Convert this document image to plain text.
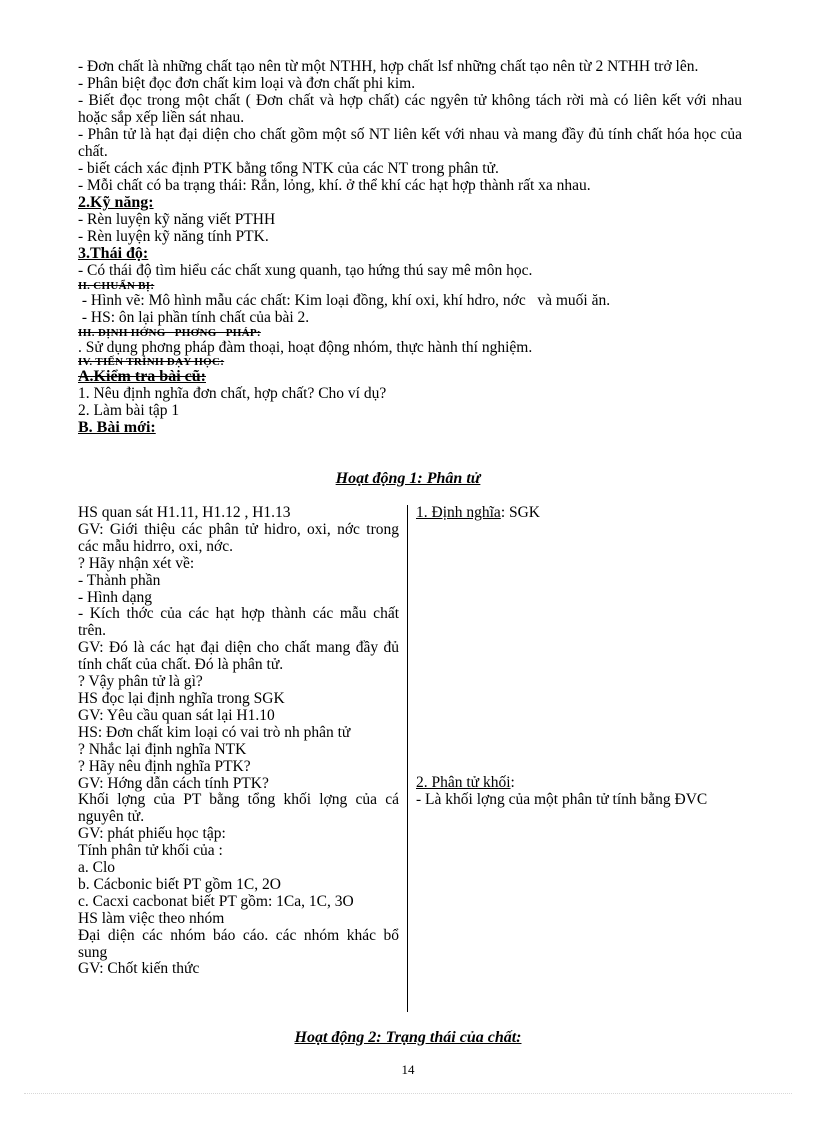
- Đơn chất là những chất tạo nên từ một NTHH, hợp chất lsf những chất tạo nên từ 2 NTHH trở lên.

- Phân biệt đọc đơn chất kim loại và đơn chất phi kim.

- Biết đọc trong một chất ( Đơn chất và hợp chất) các ngyên tử không tách rời mà có liên kết với nhau hoặc sắp xếp liền sát nhau.

- Phân tử là hạt đại diện cho chất gồm một số NT liên kết với nhau và mang đầy đủ tính chất hóa học của chất.

- biết cách xác định PTK bằng tổng NTK của các NT trong phân tử.

- Mỗi chất có ba trạng thái: Rắn, lỏng, khí. ở thể khí các hạt hợp thành rất xa nhau.

2.Kỹ năng:

- Rèn luyện kỹ năng viết PTHH

- Rèn luyện kỹ năng tính PTK.

3.Thái độ:

- Có thái độ tìm hiểu các chất xung quanh, tạo hứng thú say mê môn học.

II. CHUẨN BỊ:

- Hình vẽ: Mô hình mẫu các chất: Kim loại đồng, khí oxi, khí hdro, nớc   và muối ăn.

- HS: ôn lại phần tính chất của bài 2.

III. ĐỊNH HỚNG   PHƠNG   PHÁP:

. Sử dụng phơng pháp đàm thoại, hoạt động nhóm, thực hành thí nghiệm.

IV. TIẾN TRÌNH DẠY HỌC:

A.Kiểm tra bài cũ:

1. Nêu định nghĩa đơn chất, hợp chất? Cho ví dụ?

2. Làm bài tập 1

B. Bài mới:

Hoạt động 1: Phân tử

HS quan sát H1.11, H1.12 , H1.13

GV: Giới thiệu các phân tử hidro, oxi, nớc trong các mẫu hidrro, oxi, nớc.

? Hãy nhận xét về:

- Thành phần

- Hình dạng

- Kích thớc của các hạt hợp thành các mẫu chất trên.

GV: Đó là các hạt đại diện cho chất mang đầy đủ tính chất của chất. Đó là phân tử.

? Vậy phân tử là gì?

HS đọc lại định nghĩa trong SGK

GV: Yêu cầu quan sát lại H1.10

HS: Đơn chất kim loại có vai trò nh phân tử

? Nhắc lại định nghĩa NTK

? Hãy nêu định nghĩa PTK?

GV: Hớng dẫn cách tính PTK?

Khối lợng của PT bằng tổng khối lợng của cá nguyên tử.

GV: phát phiếu học tập:

Tính phân tử khối của :

a. Clo

b. Cácbonic biết PT gồm 1C, 2O

c. Cacxi cacbonat biết PT gồm: 1Ca, 1C, 3O

HS làm việc theo nhóm

Đại diện các nhóm báo cáo. các nhóm khác bổ sung

GV: Chốt kiến thức

1. Định nghĩa: SGK

2. Phân tử khối:

- Là khối lợng của một phân tử tính bằng ĐVC

Hoạt động 2: Trạng thái của chất:
14
